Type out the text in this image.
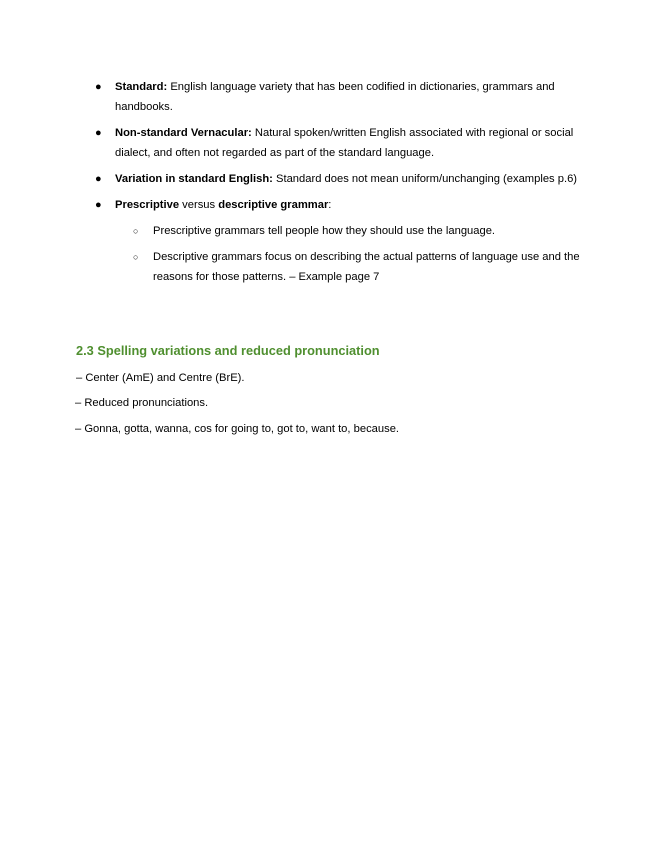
●	Standard: English language variety that has been codified in dictionaries, grammars and handbooks.
●	Non-standard Vernacular: Natural spoken/written English associated with regional or social dialect, and often not regarded as part of the standard language.
●	Variation in standard English: Standard does not mean uniform/unchanging (examples p.6)
●	Prescriptive versus descriptive grammar:
○ Prescriptive grammars tell people how they should use the language.
○ Descriptive grammars focus on describing the actual patterns of language use and the reasons for those patterns. – Example page 7
2.3 Spelling variations and reduced pronunciation
– Center (AmE) and Centre (BrE).
– Reduced pronunciations.
– Gonna, gotta, wanna, cos for going to, got to, want to, because.
